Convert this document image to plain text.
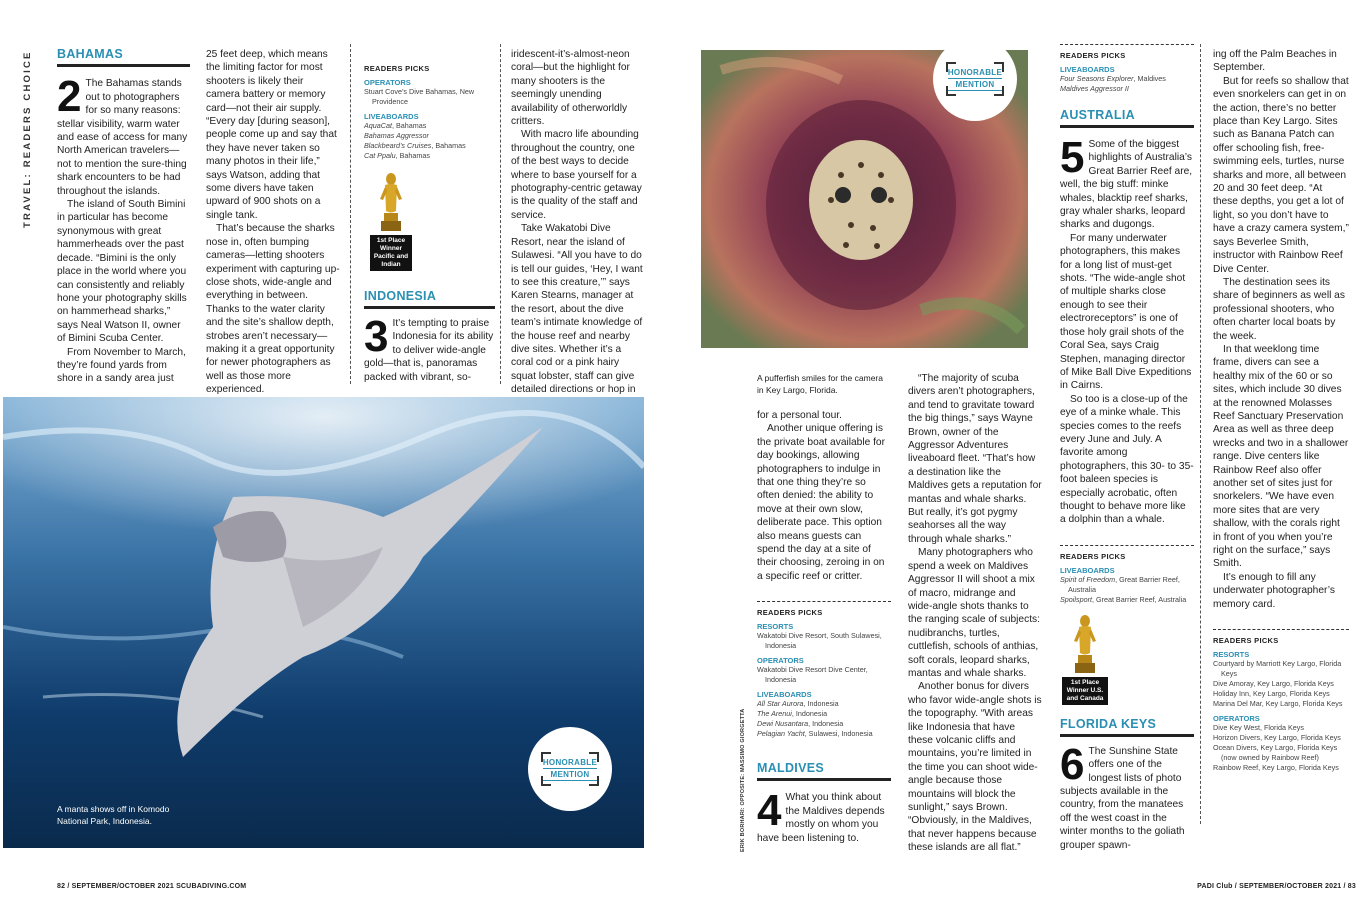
TRAVEL: READERS CHOICE BAHAMAS
2 The Bahamas stands out to photographers for so many reasons: stellar visibility, warm water and ease of access for many North American travelers—not to mention the sure-thing shark encounters to be had throughout the islands.

The island of South Bimini in particular has become synonymous with great hammerheads over the past decade. “Bimini is the only place in the world where you can consistently and reliably hone your photography skills on hammerhead sharks,” says Neal Watson II, owner of Bimini Scuba Center.

From November to March, they’re found yards from shore in a sandy area just

25 feet deep, which means the limiting factor for most shooters is likely their camera battery or memory card—not their air supply. “Every day [during season], people come up and say that they have never taken so many photos in their life,” says Watson, adding that some divers have taken upward of 900 shots on a single tank.

That’s because the sharks nose in, often bumping cameras—letting shooters experiment with capturing up-close shots, wide-angle and everything in between. Thanks to the water clarity and the site’s shallow depth, strobes aren’t necessary—making it a great opportunity for newer photographers as well as those more experienced.

READERS PICKS
OPERATORS
Stuart Cove’s Dive Bahamas, New Providence
LIVEABOARDS
AquaCat, Bahamas
Bahamas Aggressor
Blackbeard’s Cruises, Bahamas
Cat Ppalu, Bahamas
1st Place Winner Pacific and Indian
INDONESIA
3 It’s tempting to praise Indonesia for its ability to deliver wide-angle gold—that is, panoramas packed with vibrant, so-

iridescent-it’s-almost-neon coral—but the highlight for many shooters is the seemingly unending availability of otherworldly critters.

With macro life abounding throughout the country, one of the best ways to decide where to base yourself for a photography-centric getaway is the quality of the staff and service.

Take Wakatobi Dive Resort, near the island of Sulawesi. “All you have to do is tell our guides, ‘Hey, I want to see this creature,’” says Karen Stearns, manager at the resort, about the dive team’s intimate knowledge of the house reef and nearby dive sites. Whether it’s a coral cod or a pink hairy squat lobster, staff can give detailed directions or hop in

A manta shows off in Komodo National Park, Indonesia.
HONORABLE
MENTION
82 / SEPTEMBER/OCTOBER 2021 SCUBADIVING.COM
HONORABLE
MENTION
ERIK BORHARI: OPPOSITE: MASSIMO GIORGETTA
A pufferfish smiles for the camera in Key Largo, Florida.

for a personal tour.

Another unique offering is the private boat available for day bookings, allowing photographers to indulge in that one thing they’re so often denied: the ability to move at their own slow, deliberate pace. This option also means guests can spend the day at a site of their choosing, zeroing in on a specific reef or critter.

READERS PICKS
RESORTS
Wakatobi Dive Resort, South Sulawesi, Indonesia
OPERATORS
Wakatobi Dive Resort Dive Center, Indonesia
LIVEABOARDS
All Star Aurora, Indonesia
The Arenui, Indonesia
Dewi Nusantara, Indonesia
Pelagian Yacht, Sulawesi, Indonesia
MALDIVES
4 What you think about the Maldives depends mostly on whom you have been listening to.

“The majority of scuba divers aren’t photographers, and tend to gravitate toward the big things,” says Wayne Brown, owner of the Aggressor Adventures liveaboard fleet. “That’s how a destination like the Maldives gets a reputation for mantas and whale sharks. But really, it’s got pygmy seahorses all the way through whale sharks.”

Many photographers who spend a week on Maldives Aggressor II will shoot a mix of macro, midrange and wide-angle shots thanks to the ranging scale of subjects: nudibranchs, turtles, cuttlefish, schools of anthias, soft corals, leopard sharks, mantas and whale sharks.

Another bonus for divers who favor wide-angle shots is the topography. “With areas like Indonesia that have these volcanic cliffs and mountains, you’re limited in the time you can shoot wide-angle because those mountains will block the sunlight,” says Brown. “Obviously, in the Maldives, that never happens because these islands are all flat.”

READERS PICKS
LIVEABOARDS
Four Seasons Explorer, Maldives
Maldives Aggressor II
AUSTRALIA
5 Some of the biggest highlights of Australia’s Great Barrier Reef are, well, the big stuff: minke whales, blacktip reef sharks, gray whaler sharks, leopard sharks and dugongs.

For many underwater photographers, this makes for a long list of must-get shots. “The wide-angle shot of multiple sharks close enough to see their electroreceptors” is one of those holy grail shots of the Coral Sea, says Craig Stephen, managing director of Mike Ball Dive Expeditions in Cairns.

So too is a close-up of the eye of a minke whale. This species comes to the reefs every June and July. A favorite among photographers, this 30- to 35-foot baleen species is especially acrobatic, often thought to behave more like a dolphin than a whale.

READERS PICKS
LIVEABOARDS
Spirit of Freedom, Great Barrier Reef, Australia
Spoilsport, Great Barrier Reef, Australia
1st Place Winner U.S. and Canada
FLORIDA KEYS
6 The Sunshine State offers one of the longest lists of photo subjects available in the country, from the manatees off the west coast in the winter months to the goliath grouper spawn-

ing off the Palm Beaches in September.

But for reefs so shallow that even snorkelers can get in on the action, there’s no better place than Key Largo. Sites such as Banana Patch can offer schooling fish, free-swimming eels, turtles, nurse sharks and more, all between 20 and 30 feet deep. “At these depths, you get a lot of light, so you don’t have to have a crazy camera system,” says Beverlee Smith, instructor with Rainbow Reef Dive Center.

The destination sees its share of beginners as well as professional shooters, who often charter local boats by the week.

In that weeklong time frame, divers can see a healthy mix of the 60 or so sites, which include 30 dives at the renowned Molasses Reef Sanctuary Preservation Area as well as three deep wrecks and two in a shallower range. Dive centers like Rainbow Reef also offer another set of sites just for snorkelers. “We have even more sites that are very shallow, with the corals right in front of you when you’re right on the surface,” says Smith.

It’s enough to fill any underwater photographer’s memory card.

READERS PICKS
RESORTS
Courtyard by Marriott Key Largo, Florida Keys
Dive Amoray, Key Largo, Florida Keys
Holiday Inn, Key Largo, Florida Keys
Marina Del Mar, Key Largo, Florida Keys
OPERATORS
Dive Key West, Florida Keys
Horizon Divers, Key Largo, Florida Keys
Ocean Divers, Key Largo, Florida Keys (now owned by Rainbow Reef)
Rainbow Reef, Key Largo, Florida Keys
PADI Club / SEPTEMBER/OCTOBER 2021 / 83
